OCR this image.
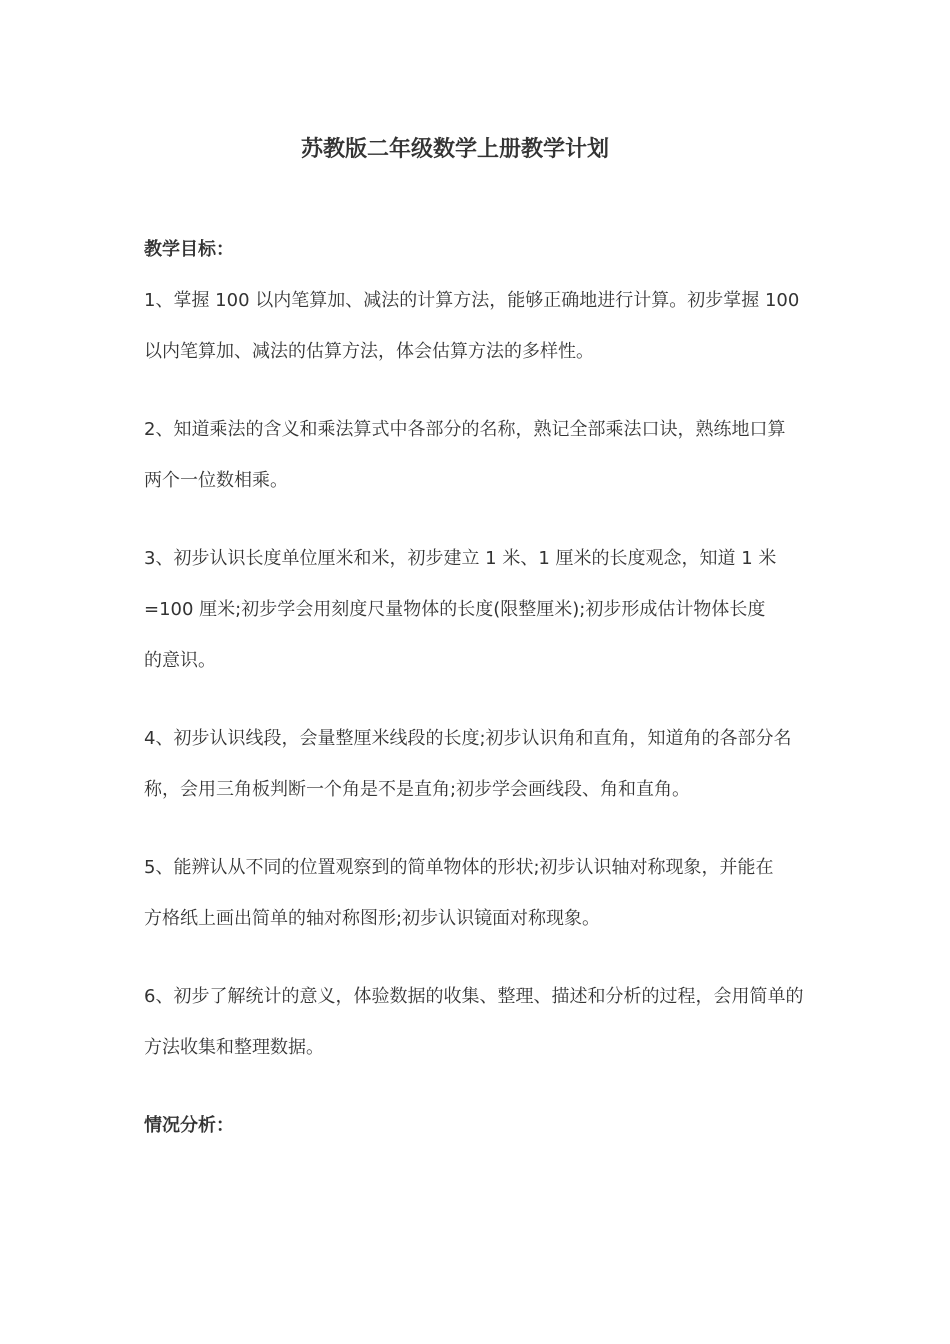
苏教版二年级数学上册教学计划
教学目标：
1、掌握 100 以内笔算加、减法的计算方法，能够正确地进行计算。初步掌握 100
以内笔算加、减法的估算方法，体会估算方法的多样性。
2、知道乘法的含义和乘法算式中各部分的名称，熟记全部乘法口诀，熟练地口算
两个一位数相乘。
3、初步认识长度单位厘米和米，初步建立 1 米、1 厘米的长度观念，知道 1 米
=100 厘米;初步学会用刻度尺量物体的长度(限整厘米);初步形成估计物体长度
的意识。
4、初步认识线段，会量整厘米线段的长度;初步认识角和直角，知道角的各部分名
称，会用三角板判断一个角是不是直角;初步学会画线段、角和直角。
5、能辨认从不同的位置观察到的简单物体的形状;初步认识轴对称现象，并能在
方格纸上画出简单的轴对称图形;初步认识镜面对称现象。
6、初步了解统计的意义，体验数据的收集、整理、描述和分析的过程，会用简单的
方法收集和整理数据。
情况分析：
